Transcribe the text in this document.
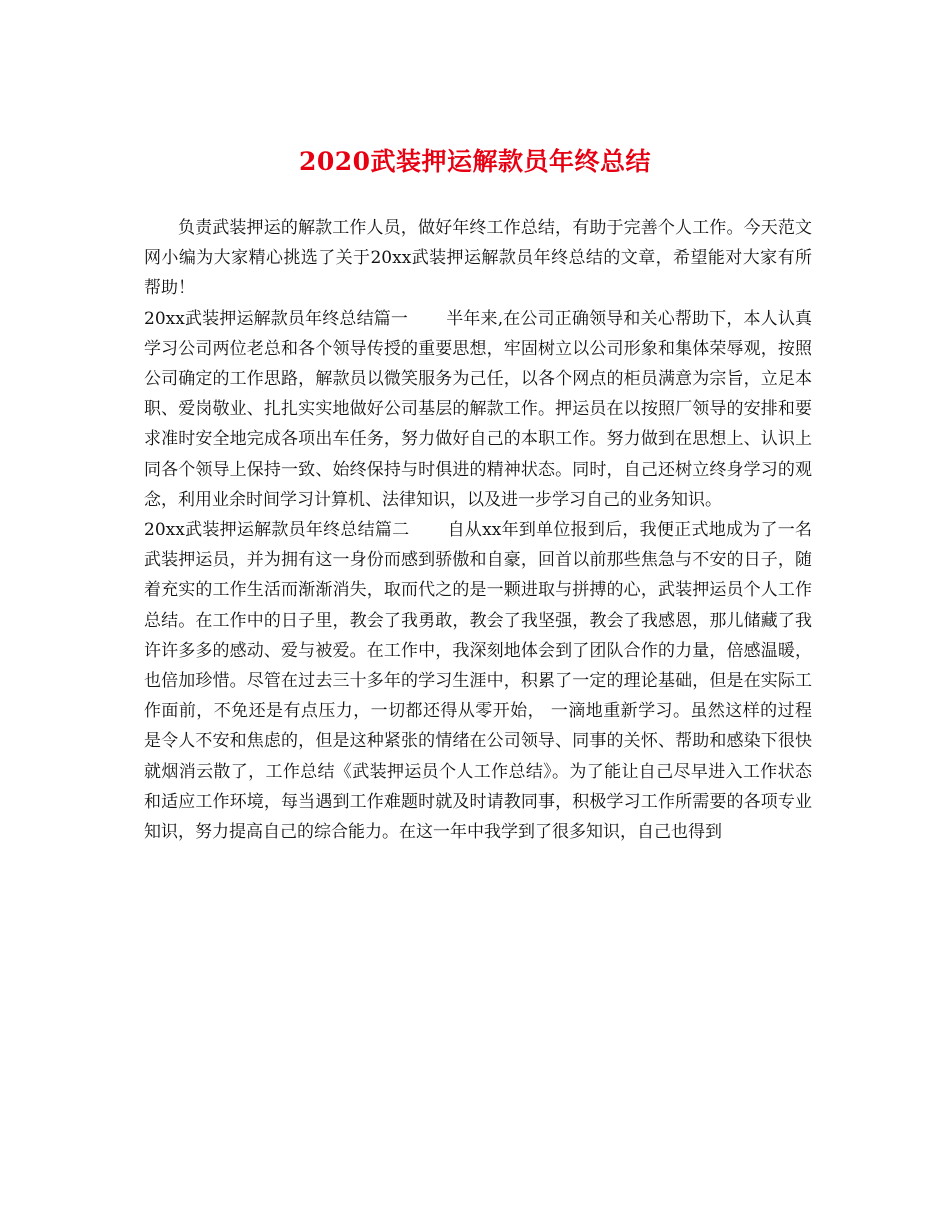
2020武装押运解款员年终总结

负责武装押运的解款工作人员，做好年终工作总结，有助于完善个人工作。今天范文网小编为大家精心挑选了关于20xx武装押运解款员年终总结的文章，希望能对大家有所帮助！

20xx武装押运解款员年终总结篇一 半年来,在公司正确领导和关心帮助下，本人认真学习公司两位老总和各个领导传授的重要思想，牢固树立以公司形象和集体荣辱观，按照公司确定的工作思路，解款员以微笑服务为己任，以各个网点的柜员满意为宗旨，立足本职、爱岗敬业、扎扎实实地做好公司基层的解款工作。押运员在以按照厂领导的安排和要求准时安全地完成各项出车任务，努力做好自己的本职工作。努力做到在思想上、认识上同各个领导上保持一致、始终保持与时俱进的精神状态。同时，自己还树立终身学习的观念，利用业余时间学习计算机、法律知识，以及进一步学习自己的业务知识。

20xx武装押运解款员年终总结篇二 自从xx年到单位报到后，我便正式地成为了一名武装押运员，并为拥有这一身份而感到骄傲和自豪，回首以前那些焦急与不安的日子，随着充实的工作生活而渐渐消失，取而代之的是一颗进取与拼搏的心，武装押运员个人工作总结。在工作中的日子里，教会了我勇敢，教会了我坚强，教会了我感恩，那儿储藏了我许许多多的感动、爱与被爱。在工作中，我深刻地体会到了团队合作的力量，倍感温暖，也倍加珍惜。尽管在过去三十多年的学习生涯中，积累了一定的理论基础，但是在实际工作面前，不免还是有点压力，一切都还得从零开始， 一滴地重新学习。虽然这样的过程是令人不安和焦虑的，但是这种紧张的情绪在公司领导、同事的关怀、帮助和感染下很快就烟消云散了，工作总结《武装押运员个人工作总结》。为了能让自己尽早进入工作状态和适应工作环境，每当遇到工作难题时就及时请教同事，积极学习工作所需要的各项专业知识，努力提高自己的综合能力。在这一年中我学到了很多知识，自己也得到
